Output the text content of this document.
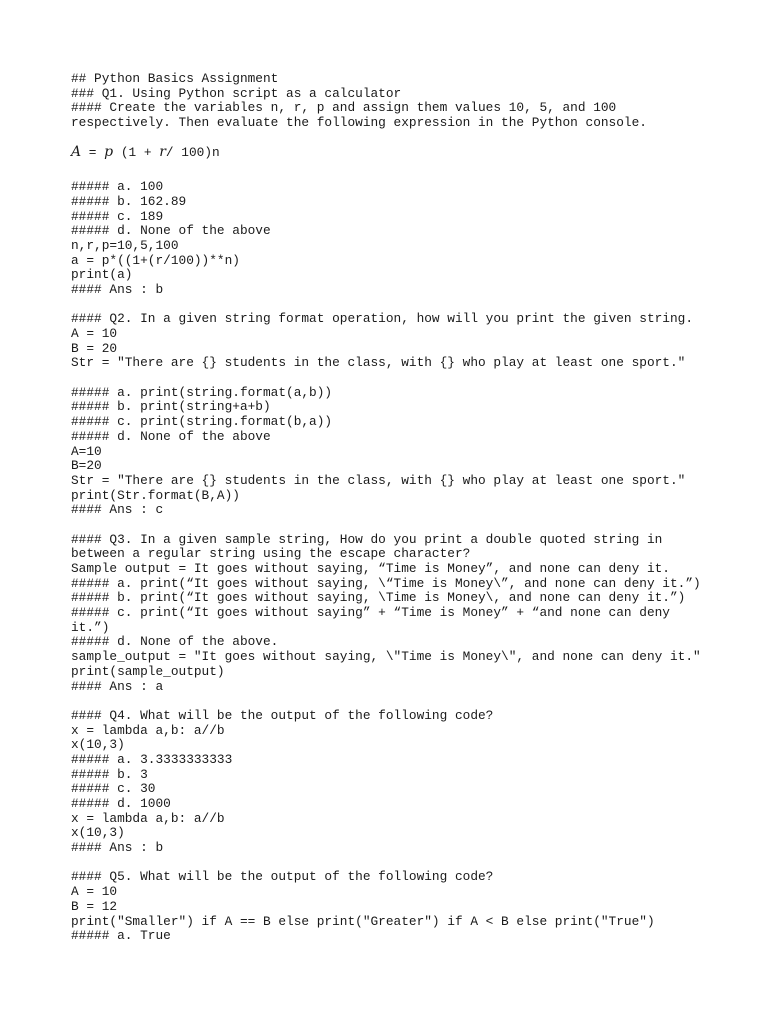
## Python Basics Assignment

### Q1. Using Python script as a calculator

#### Create the variables n, r, p and assign them values 10, 5, and 100

respectively. Then evaluate the following expression in the Python console.

A = p (1 + r/ 100)n

##### a. 100

##### b. 162.89

##### c. 189

##### d. None of the above

n,r,p=10,5,100

a = p*((1+(r/100))**n)

print(a)

#### Ans : b

#### Q2. In a given string format operation, how will you print the given string.

A = 10

B = 20

Str = "There are {} students in the class, with {} who play at least one sport."

##### a. print(string.format(a,b))

##### b. print(string+a+b)

##### c. print(string.format(b,a))

##### d. None of the above

A=10

B=20

Str = "There are {} students in the class, with {} who play at least one sport."

print(Str.format(B,A))

#### Ans : c

#### Q3. In a given sample string, How do you print a double quoted string in

between a regular string using the escape character?

Sample output = It goes without saying, “Time is Money”, and none can deny it.

##### a. print(“It goes without saying, \“Time is Money\”, and none can deny it.”)

##### b. print(“It goes without saying, \Time is Money\, and none can deny it.”)

##### c. print(“It goes without saying” + “Time is Money” + “and none can deny

it.”)

##### d. None of the above.

sample_output = "It goes without saying, \"Time is Money\", and none can deny it."

print(sample_output)

#### Ans : a

#### Q4. What will be the output of the following code?

x = lambda a,b: a//b

x(10,3)

##### a. 3.3333333333

##### b. 3

##### c. 30

##### d. 1000

x = lambda a,b: a//b

x(10,3)

#### Ans : b

#### Q5. What will be the output of the following code?

A = 10

B = 12

print("Smaller") if A == B else print("Greater") if A < B else print("True")

##### a. True
